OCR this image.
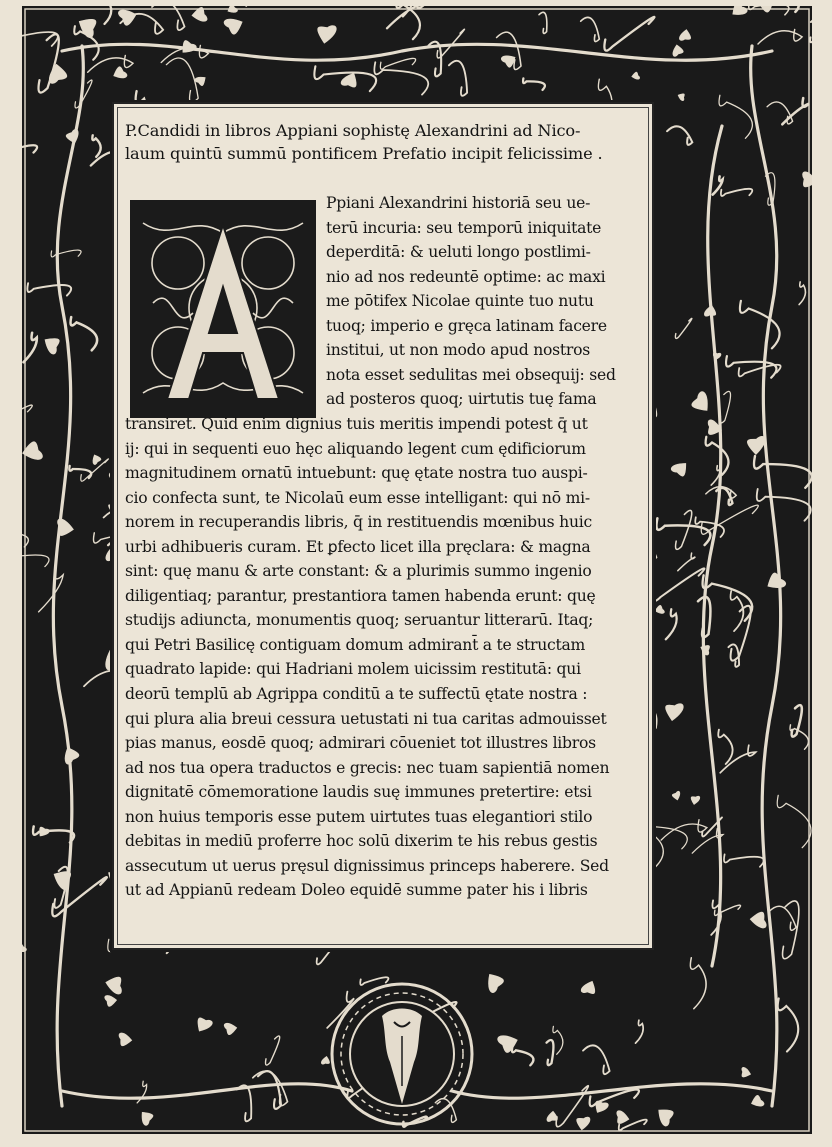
P.Candidi in libros Appiani sophistę Alexandrini ad Nico-
laum quintū summū pontificem Prefatio incipit felicissime .
A
Ppiani Alexandrini historiā seu ue-
terū incuria: seu temporū iniquitate
deperditā: & ueluti longo postlimi-
nio ad nos redeuntē optime: ac maxi
me pōtifex Nicolae quinte tuo nutu
tuoq; imperio e gręca latinam facere
institui, ut non modo apud nostros
nota esset sedulitas mei obsequij: sed
ad posteros quoq; uirtutis tuę fama
transiret. Quid enim dignius tuis meritis impendi potest q̄ ut
ij: qui in sequenti euo hęc aliquando legent cum ędificiorum
magnitudinem ornatū intuebunt: quę ętate nostra tuo auspi-
cio confecta sunt, te Nicolaū eum esse intelligant: qui nō mi-
norem in recuperandis libris, q̄ in restituendis mœnibus huic
urbi adhibueris curam. Et ꝑfecto licet illa pręclara: & magna
sint: quę manu & arte constant: & a plurimis summo ingenio
diligentiaq; parantur, prestantiora tamen habenda erunt: quę
studijs adiuncta, monumentis quoq; seruantur litterarū. Itaq;
qui Petri Basilicę contiguam domum admirant̄ a te structam
quadrato lapide: qui Hadriani molem uicissim restitutā: qui
deorū templū ab Agrippa conditū a te suffectū ętate nostra :
qui plura alia breui cessura uetustati ni tua caritas admouisset
pias manus, eosdē quoq; admirari cōueniet tot illustres libros
ad nos tua opera traductos e grecis: nec tuam sapientiā nomen
dignitatē cōmemoratione laudis suę immunes pretertire: etsi
non huius temporis esse putem uirtutes tuas elegantiori stilo
debitas in mediū proferre hoc solū dixerim te his rebus gestis
assecutum ut uerus pręsul dignissimus princeps haberere. Sed
ut ad Appianū redeam Doleo equidē summe pater his i libris
